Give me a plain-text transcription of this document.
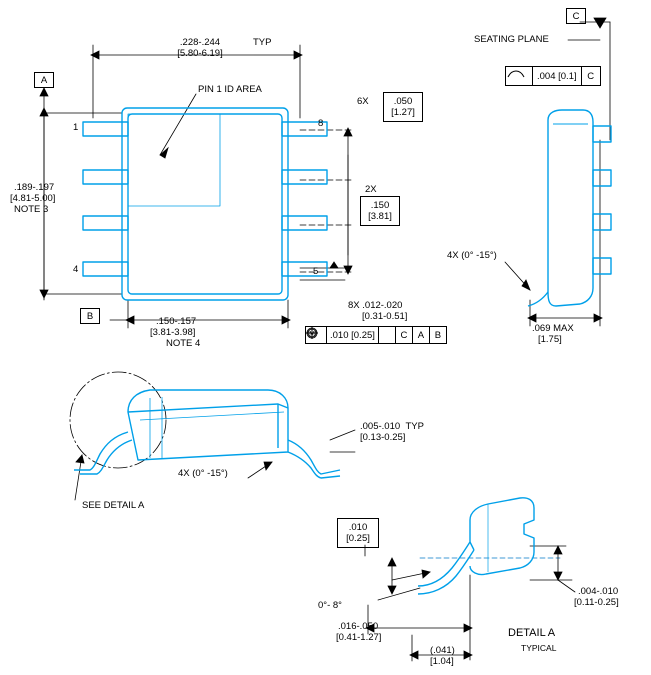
.228-.244	TYP
[5.80-6.19]
A
B
PIN 1 ID AREA
.189-.197
[4.81-5.00]
NOTE 3
1
4	5
8
.150-.157
[3.81-3.98]
NOTE 4
6X	.050
[1.27]
2X
.150
[3.81]
8X .012-.020
[0.31-0.51]
.010 [0.25]
M	C	A	B
C
SEATING PLANE
.004 [0.1]	C
4X (0° -15°)
.069 MAX
[1.75]
SEE DETAIL A
4X (0° -15°)
.005-.010 TYP
[0.13-0.25]
.010
[0.25]
0°- 8°
.016-.050
[0.41-1.27]
(.041)
[1.04]
.004-.010
[0.11-0.25]
DETAIL A
TYPICAL
